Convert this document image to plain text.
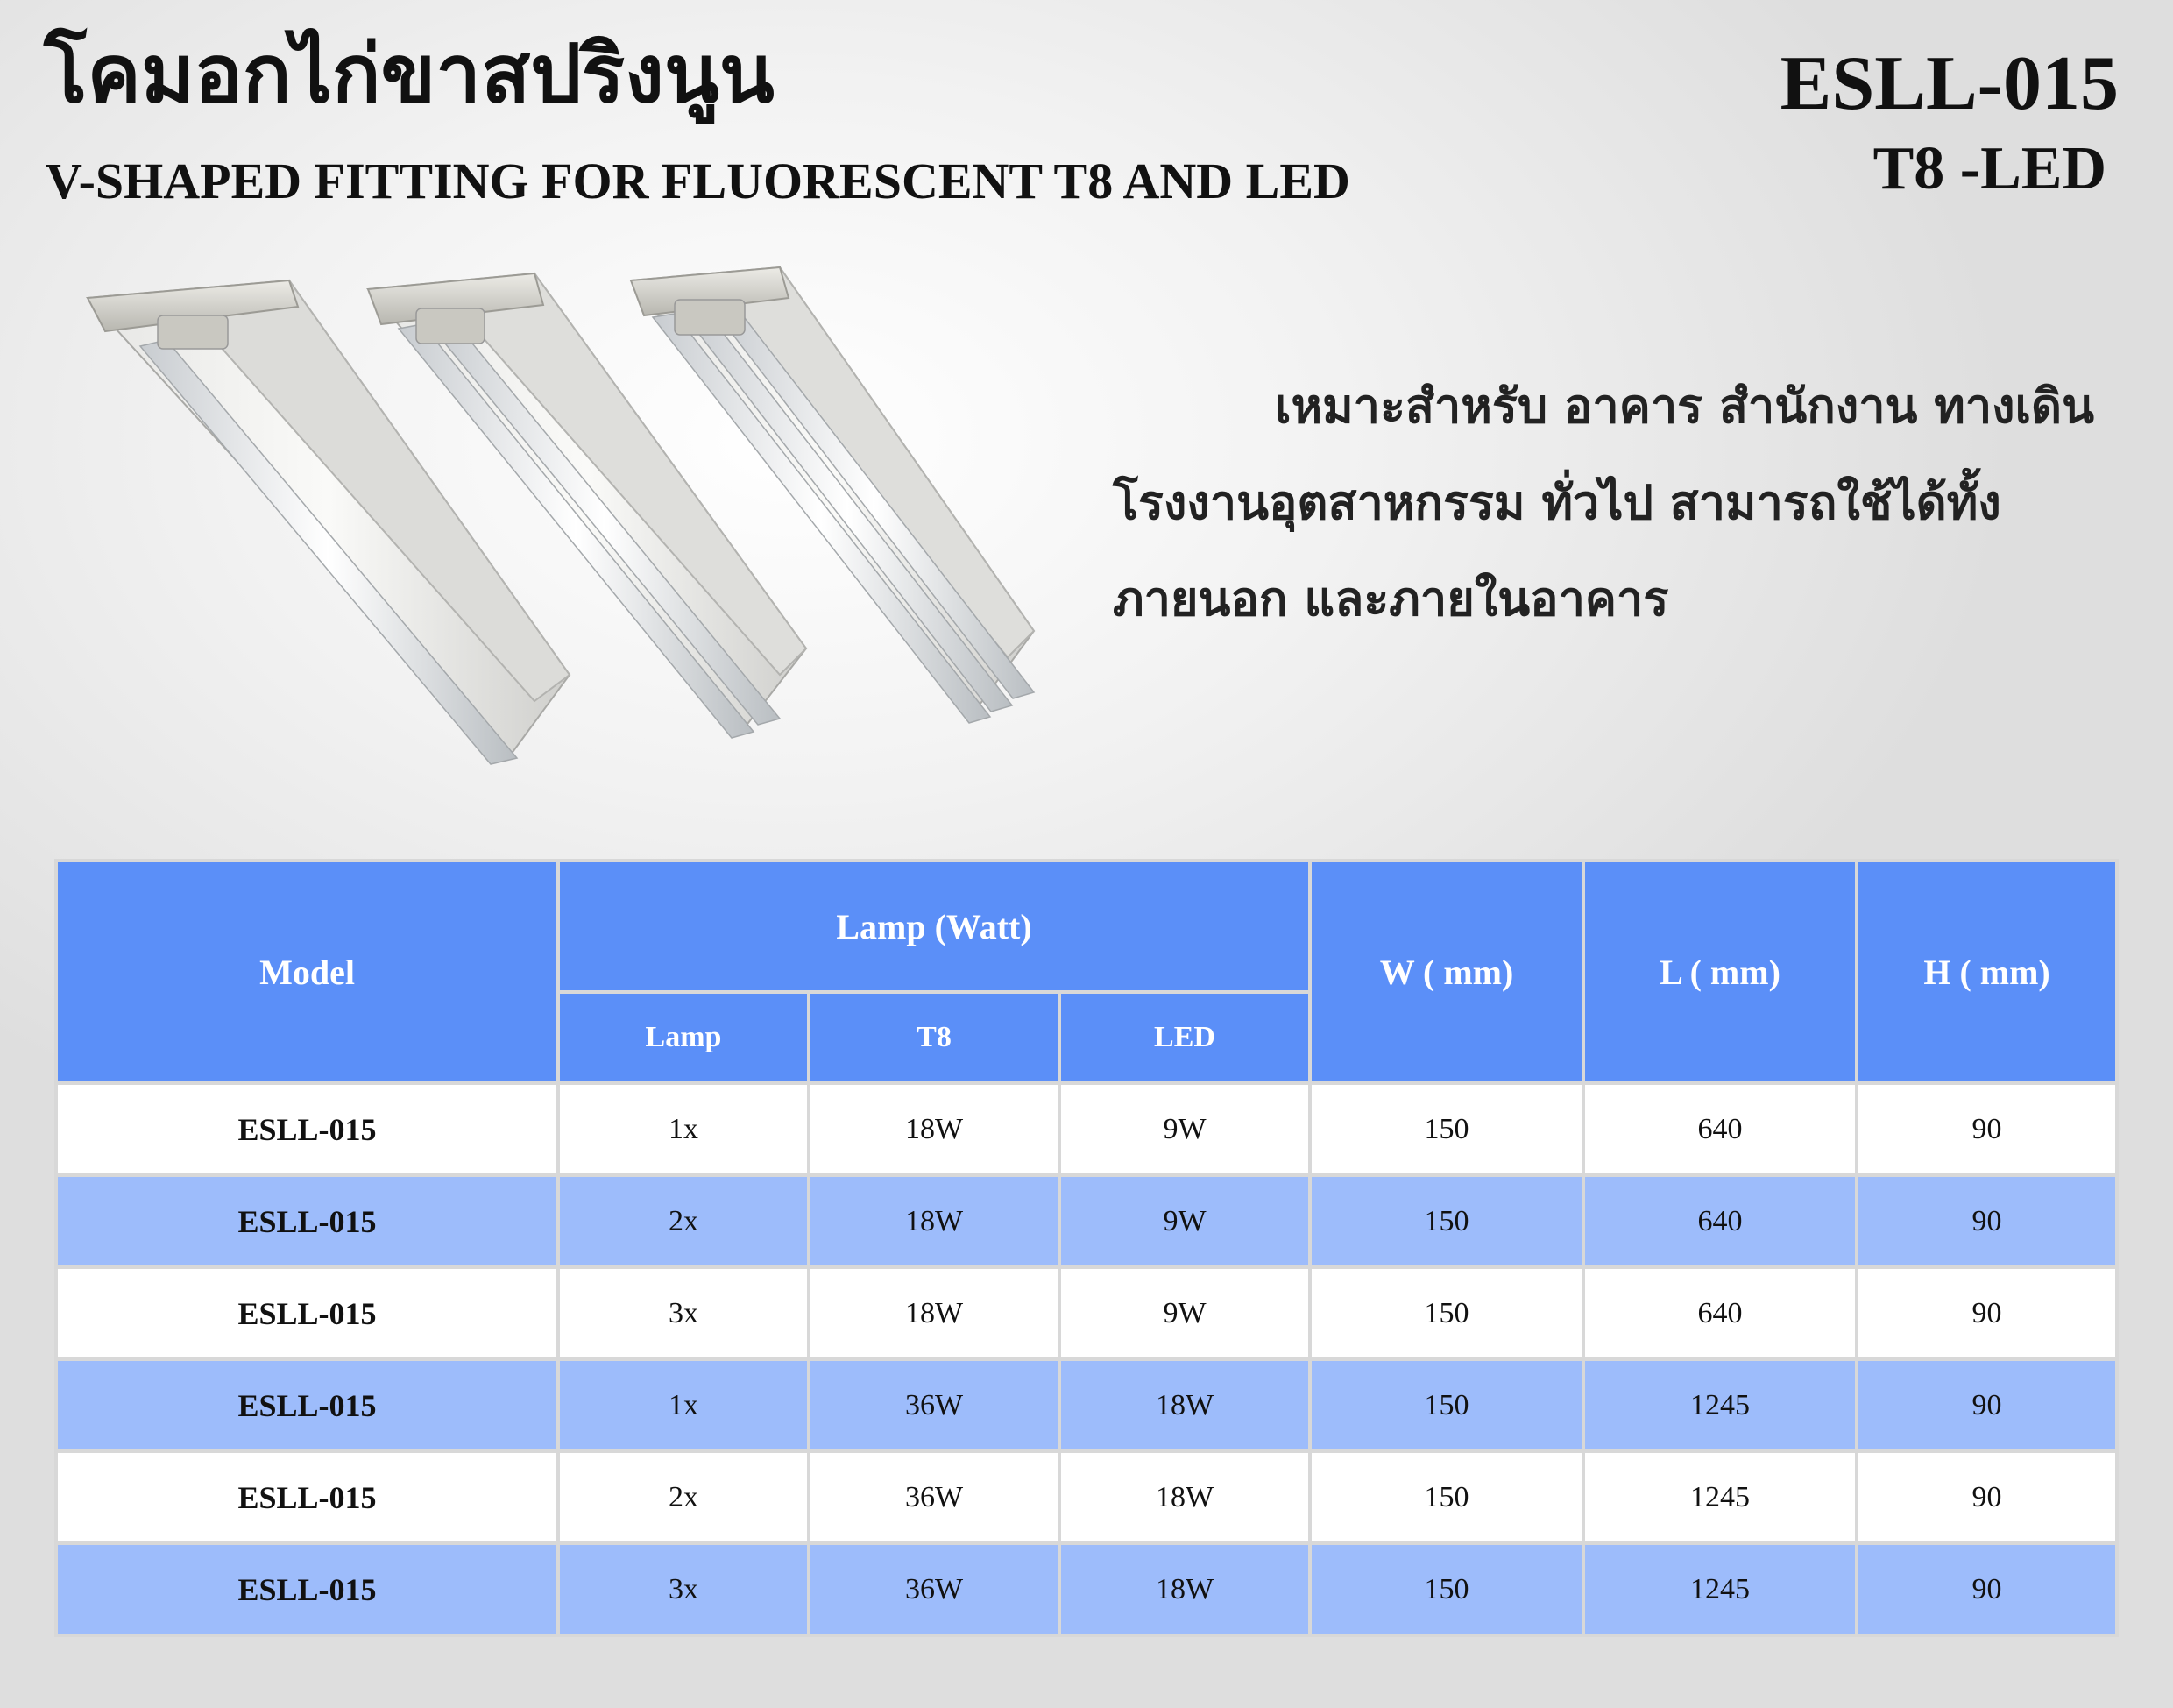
โคมอกไก่ขาสปริงนูน
V-SHAPED FITTING FOR FLUORESCENT T8 AND LED
ESLL-015
T8 -LED
เหมาะสำหรับ อาคาร สำนักงาน ทางเดิน
โรงงานอุตสาหกรรม ทั่วไป สามารถใช้ได้ทั้ง
ภายนอก และภายในอาคาร
Model	Lamp (Watt)			W ( mm)	L ( mm)	H ( mm)
	Lamp	T8	LED			
ESLL-015	1x	18W	9W	150	640	90
ESLL-015	2x	18W	9W	150	640	90
ESLL-015	3x	18W	9W	150	640	90
ESLL-015	1x	36W	18W	150	1245	90
ESLL-015	2x	36W	18W	150	1245	90
ESLL-015	3x	36W	18W	150	1245	90
